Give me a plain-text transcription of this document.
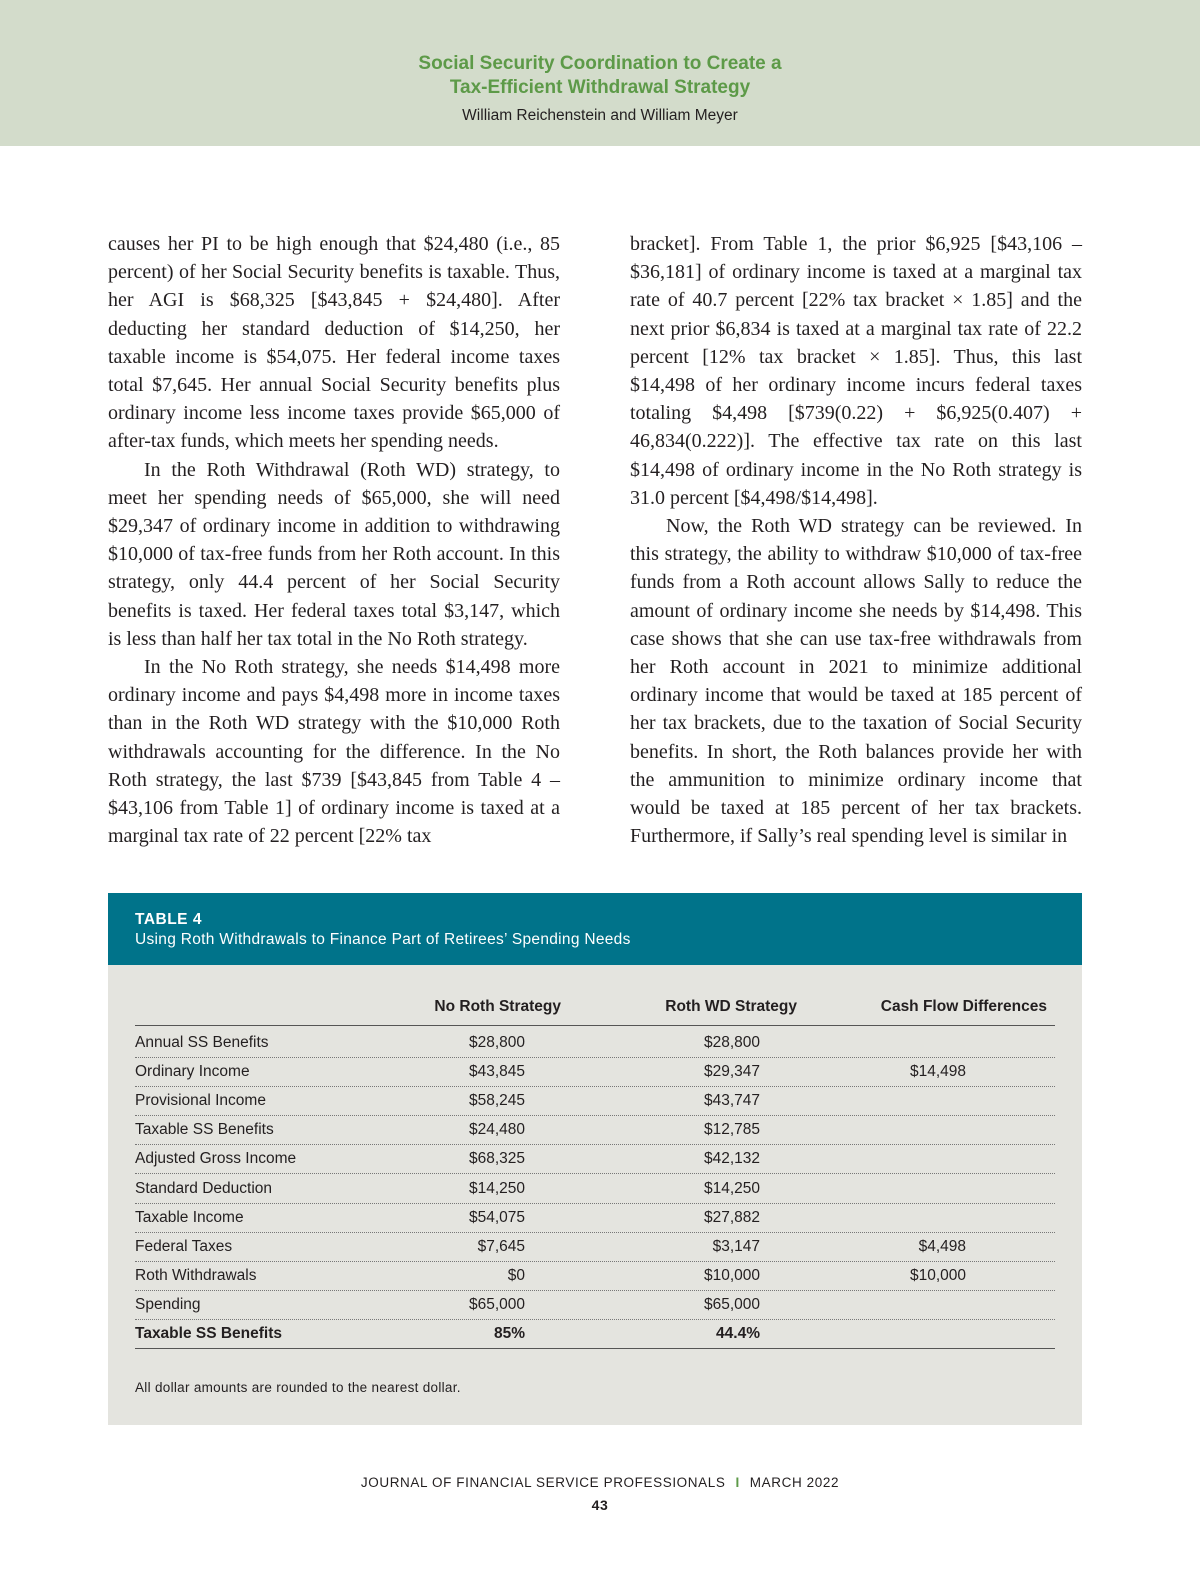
Social Security Coordination to Create a
Tax-Efficient Withdrawal Strategy
William Reichenstein and William Meyer

causes her PI to be high enough that $24,480 (i.e., 85 percent) of her Social Security benefits is taxable. Thus, her AGI is $68,325 [$43,845 + $24,480]. After deducting her standard deduction of $14,250, her taxable income is $54,075. Her federal income taxes total $7,645. Her annual Social Security benefits plus ordinary income less income taxes provide $65,000 of after-tax funds, which meets her spending needs.

In the Roth Withdrawal (Roth WD) strategy, to meet her spending needs of $65,000, she will need $29,347 of ordinary income in addition to withdrawing $10,000 of tax-free funds from her Roth account. In this strategy, only 44.4 percent of her Social Security benefits is taxed. Her federal taxes total $3,147, which is less than half her tax total in the No Roth strategy.

In the No Roth strategy, she needs $14,498 more ordinary income and pays $4,498 more in income taxes than in the Roth WD strategy with the $10,000 Roth withdrawals accounting for the difference. In the No Roth strategy, the last $739 [$43,845 from Table 4 – $43,106 from Table 1] of ordinary income is taxed at a marginal tax rate of 22 percent [22% tax

bracket]. From Table 1, the prior $6,925 [$43,106 – $36,181] of ordinary income is taxed at a marginal tax rate of 40.7 percent [22% tax bracket × 1.85] and the next prior $6,834 is taxed at a marginal tax rate of 22.2 percent [12% tax bracket × 1.85]. Thus, this last $14,498 of her ordinary income incurs federal taxes totaling $4,498 [$739(0.22) + $6,925(0.407) + 46,834(0.222)]. The effective tax rate on this last $14,498 of ordinary income in the No Roth strategy is 31.0 percent [$4,498/$14,498].

Now, the Roth WD strategy can be reviewed. In this strategy, the ability to withdraw $10,000 of tax-free funds from a Roth account allows Sally to reduce the amount of ordinary income she needs by $14,498. This case shows that she can use tax-free withdrawals from her Roth account in 2021 to minimize additional ordinary income that would be taxed at 185 percent of her tax brackets, due to the taxation of Social Security benefits. In short, the Roth balances provide her with the ammunition to minimize ordinary income that would be taxed at 185 percent of her tax brackets. Furthermore, if Sally’s real spending level is similar in

TABLE 4
Using Roth Withdrawals to Finance Part of Retirees’ Spending Needs
No Roth Strategy	Roth WD Strategy	Cash Flow Differences
Annual SS Benefits	$28,800	$28,800
Ordinary Income	$43,845	$29,347	$14,498
Provisional Income	$58,245	$43,747
Taxable SS Benefits	$24,480	$12,785
Adjusted Gross Income	$68,325	$42,132
Standard Deduction	$14,250	$14,250
Taxable Income	$54,075	$27,882
Federal Taxes	$7,645	$3,147	$4,498
Roth Withdrawals	$0	$10,000	$10,000
Spending	$65,000	$65,000
Taxable SS Benefits	85%	44.4%
All dollar amounts are rounded to the nearest dollar.
JOURNAL OF FINANCIAL SERVICE PROFESSIONALS I MARCH 2022
43
